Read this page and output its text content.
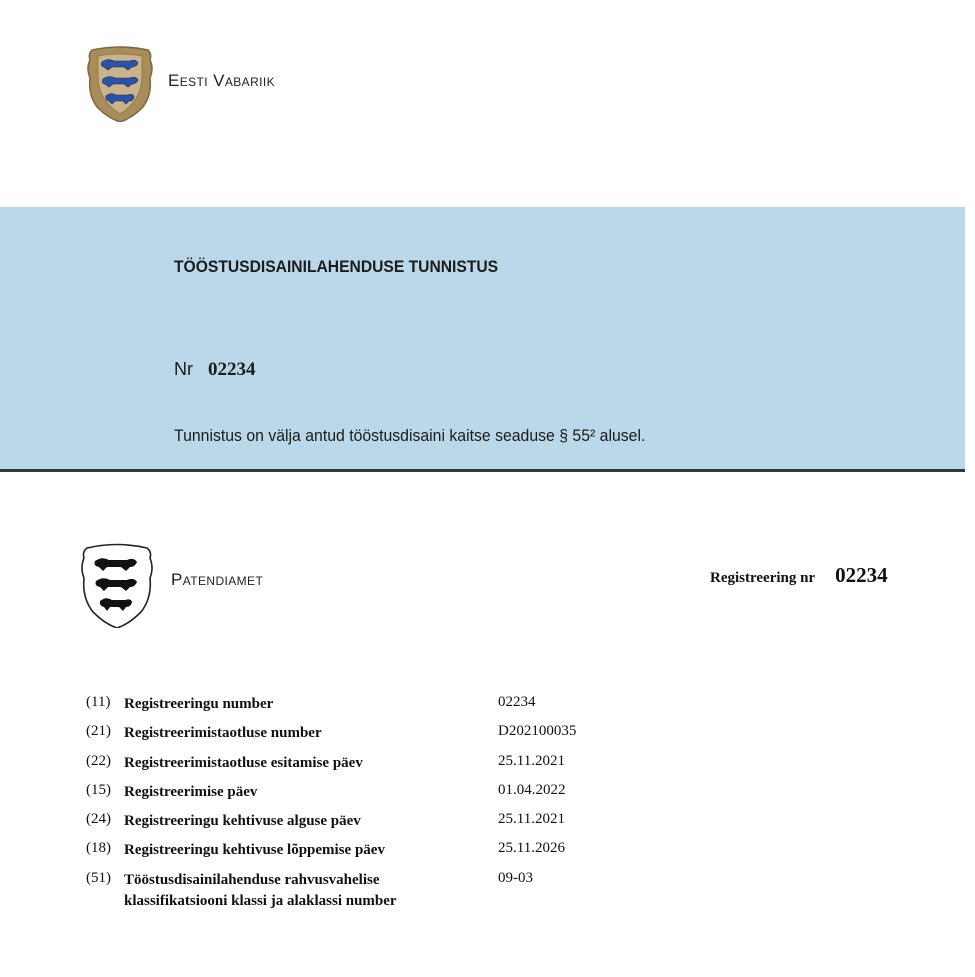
Eesti Vabariik
TÖÖSTUSDISAINILAHENDUSE TUNNISTUS
Nr 02234
Tunnistus on välja antud tööstusdisaini kaitse seaduse § 55² alusel.
Patendiamet	Registreering nr 02234
(11) Registreeringu number	02234
(21) Registreerimistaotluse number	D202100035
(22) Registreerimistaotluse esitamise päev	25.11.2021
(15) Registreerimise päev	01.04.2022
(24) Registreeringu kehtivuse alguse päev	25.11.2021
(18) Registreeringu kehtivuse lõppemise päev	25.11.2026
(51) Tööstusdisainilahenduse rahvusvahelise klassifikatsiooni klassi ja alaklassi number
09-03
